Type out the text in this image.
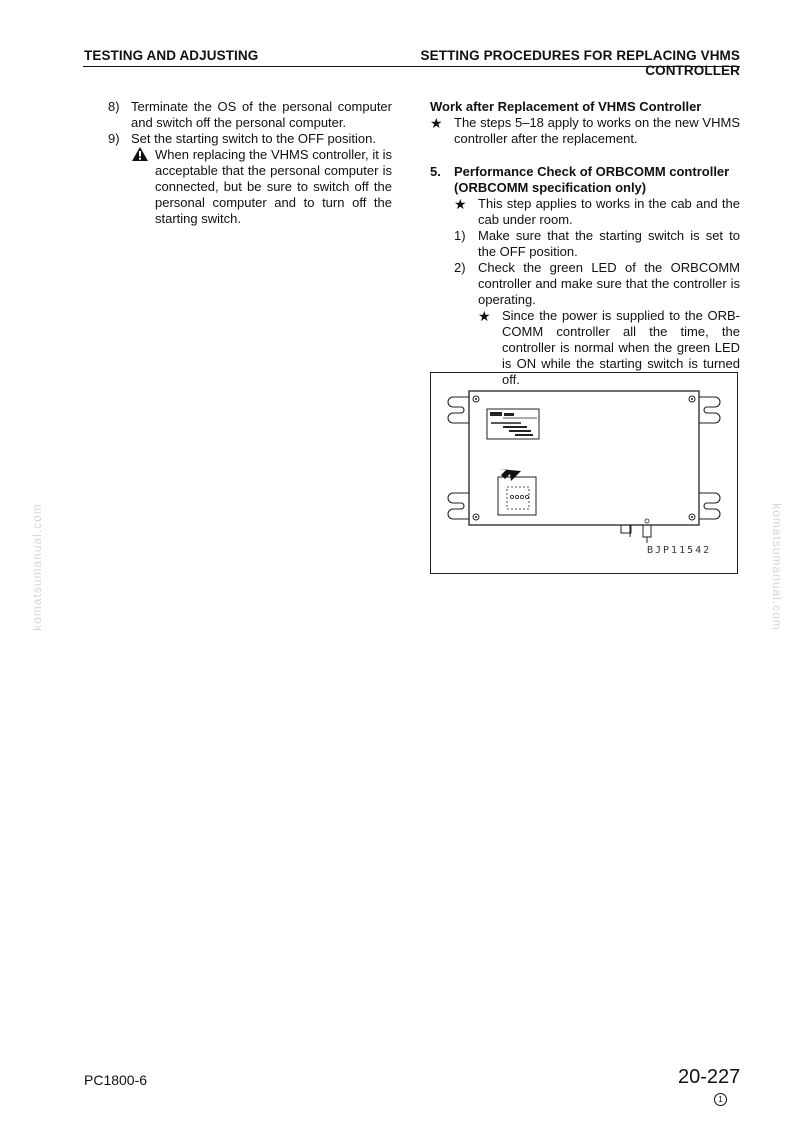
TESTING AND ADJUSTING	SETTING PROCEDURES FOR REPLACING VHMS CONTROLLER
8) Terminate the OS of the personal computer and switch off the personal computer.
9) Set the starting switch to the OFF position.
When replacing the VHMS controller, it is acceptable that the personal computer is connected, but be sure to switch off the personal computer and to turn off the starting switch.
Work after Replacement of VHMS Controller
★ The steps 5–18 apply to works on the new VHMS controller after the replacement.
5. Performance Check of ORBCOMM controller
(ORBCOMM specification only)
★ This step applies to works in the cab and the cab under room.
1) Make sure that the starting switch is set to the OFF position.
2) Check the green LED of the ORBCOMM controller and make sure that the controller is operating.
★ Since the power is supplied to the ORB-COMM controller all the time, the controller is normal when the green LED is ON while the starting switch is turned off.
BJP11542
komatsumanual.com	komatsumanual.com
PC1800-6	20-227
1
